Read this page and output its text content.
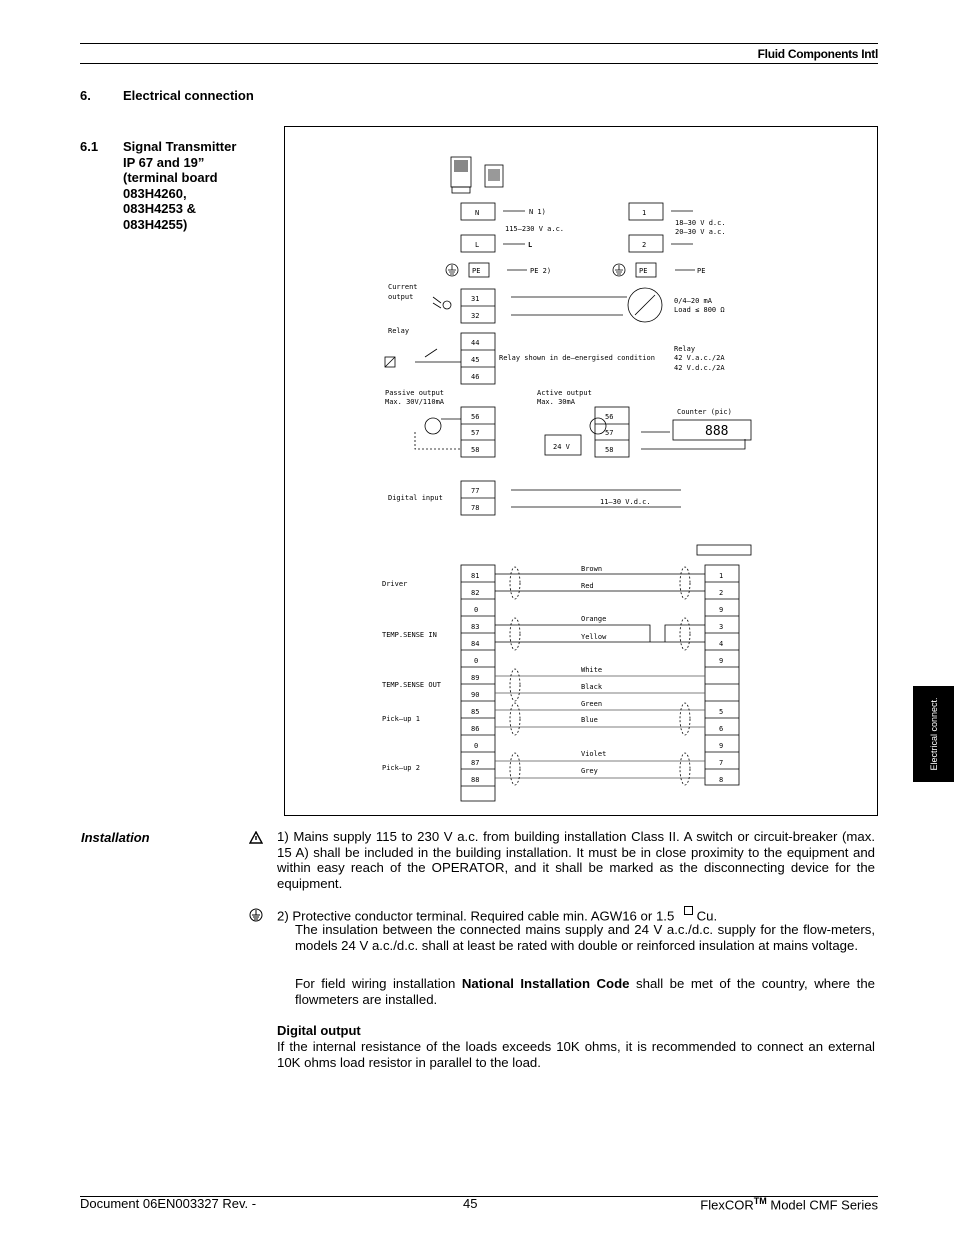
Fluid Components Intl
6. Electrical connection
6.1 Signal Transmitter
IP 67 and 19”
(terminal board
083H4260,
083H4253 &
083H4255)
N
L
N 1)
115–230 V a.c.
L
1
2
18–30 V d.c.
20–30 V a.c.
PE	PE 2)	PE	PE
Current
output	31
32
0/4–20 mA
Load ≤ 800 Ω
Relay
44
45
46
Relay shown in de–energised condition
Relay
42 V.a.c./2A
42 V.d.c./2A
Passive output
Max. 30V/110mA
56
57
58
Active output
Max. 30mA
24 V
56
57
58
Counter (pic)
888
Digital input
77
78
11–30 V.d.c.
81
82
0
83
84
0
89
90
85
86
0
87
88
1
2
9
3
4
9
5
6
9
7
8
Driver
TEMP.SENSE IN
TEMP.SENSE OUT
Pick–up 1
Pick–up 2
Brown
Red
Orange
Yellow
White
Black
Green
Blue
Violet
Grey
Installation	1) Mains supply 115 to 230 V a.c. from building installation Class II. A switch or circuit-breaker (max. 15 A) shall be included in the building installation. It must be in close proximity to the equipment and within easy reach of the OPERATOR, and it shall be marked as the disconnecting device for the equipment.
2) Protective conductor terminal. Required cable min. AGW16 or 1.5 Cu.
The insulation between the connected mains supply and 24 V a.c./d.c. supply for the flow-meters, models 24 V a.c./d.c. shall at least be rated with double or reinforced insulation at mains voltage.
For field wiring installation National Installation Code shall be met of the country, where the flowmeters are installed.
Digital output
If the internal resistance of the loads exceeds 10K ohms, it is recommended to connect an external 10K ohms load resistor in parallel to the load.
Electrical connect.
Document 06EN003327 Rev. -	45	FlexCOR™ Model CMF Series
